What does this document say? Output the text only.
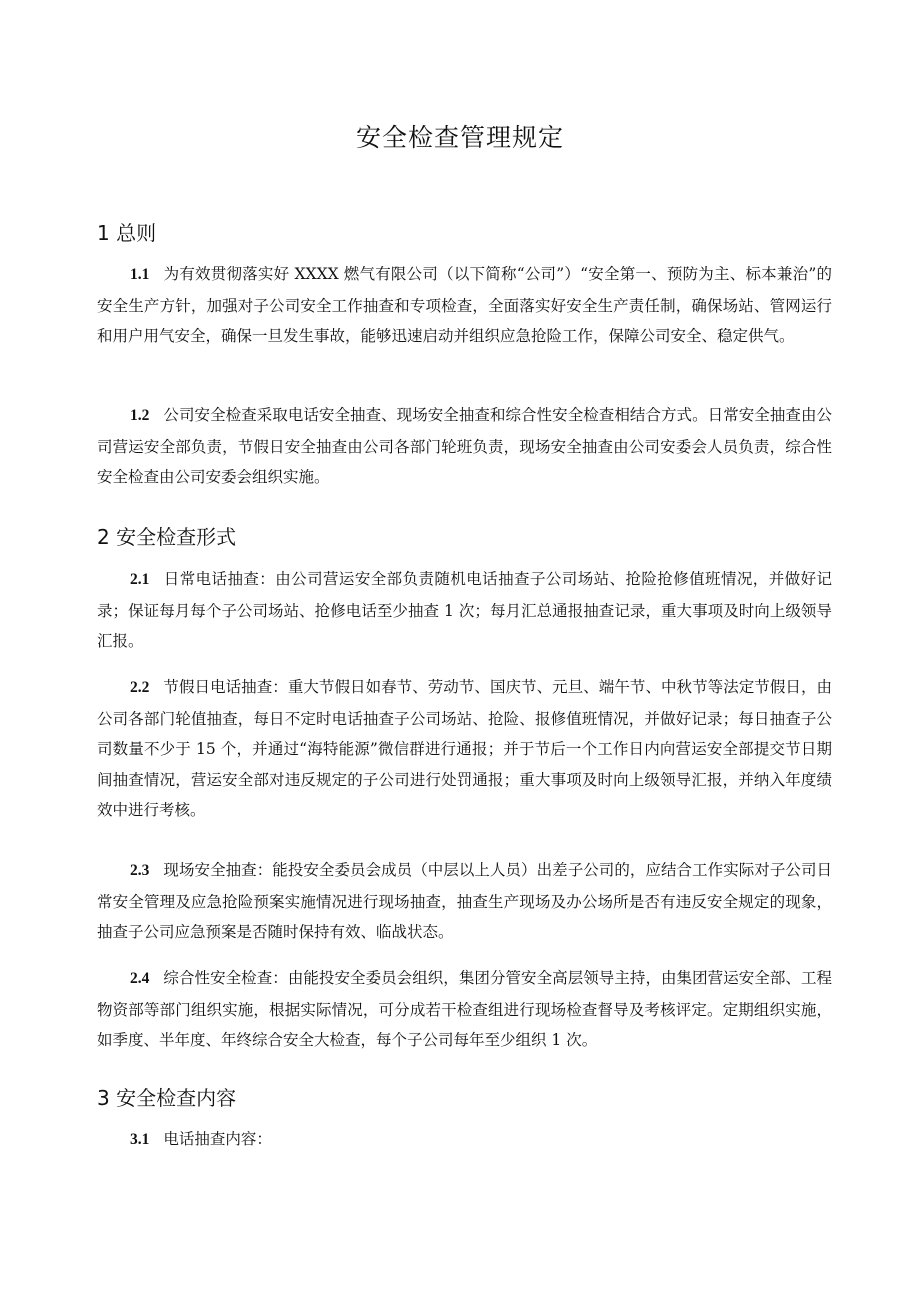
安全检查管理规定
1 总则

1.1 为有效贯彻落实好 XXXX 燃气有限公司（以下简称“公司”）“安全第一、预防为主、标本兼治”的安全生产方针，加强对子公司安全工作抽查和专项检查，全面落实好安全生产责任制，确保场站、管网运行和用户用气安全，确保一旦发生事故，能够迅速启动并组织应急抢险工作，保障公司安全、稳定供气。

1.2 公司安全检查采取电话安全抽查、现场安全抽查和综合性安全检查相结合方式。日常安全抽查由公司营运安全部负责，节假日安全抽查由公司各部门轮班负责，现场安全抽查由公司安委会人员负责，综合性安全检查由公司安委会组织实施。

2 安全检查形式

2.1 日常电话抽查：由公司营运安全部负责随机电话抽查子公司场站、抢险抢修值班情况，并做好记录；保证每月每个子公司场站、抢修电话至少抽查 1 次；每月汇总通报抽查记录，重大事项及时向上级领导汇报。

2.2 节假日电话抽查：重大节假日如春节、劳动节、国庆节、元旦、端午节、中秋节等法定节假日，由公司各部门轮值抽查，每日不定时电话抽查子公司场站、抢险、报修值班情况，并做好记录；每日抽查子公司数量不少于 15 个，并通过“海特能源”微信群进行通报；并于节后一个工作日内向营运安全部提交节日期间抽查情况，营运安全部对违反规定的子公司进行处罚通报；重大事项及时向上级领导汇报，并纳入年度绩效中进行考核。

2.3 现场安全抽查：能投安全委员会成员（中层以上人员）出差子公司的，应结合工作实际对子公司日常安全管理及应急抢险预案实施情况进行现场抽查，抽查生产现场及办公场所是否有违反安全规定的现象，抽查子公司应急预案是否随时保持有效、临战状态。

2.4 综合性安全检查：由能投安全委员会组织，集团分管安全高层领导主持，由集团营运安全部、工程物资部等部门组织实施，根据实际情况，可分成若干检查组进行现场检查督导及考核评定。定期组织实施，如季度、半年度、年终综合安全大检查，每个子公司每年至少组织 1 次。

3 安全检查内容

3.1 电话抽查内容：
